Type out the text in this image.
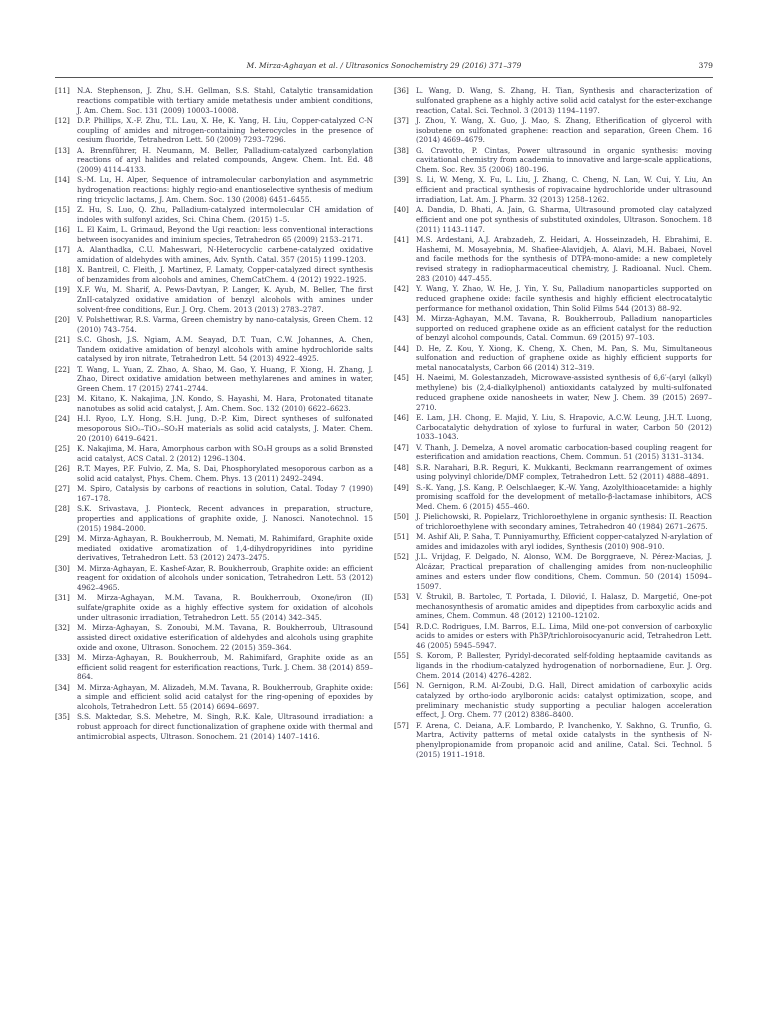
M. Mirza-Aghayan et al. / Ultrasonics Sonochemistry 29 (2016) 371–379	379
[11] N.A. Stephenson, J. Zhu, S.H. Gellman, S.S. Stahl, Catalytic transamidation reactions compatible with tertiary amide metathesis under ambient conditions, J. Am. Chem. Soc. 131 (2009) 10003–10008.
[12] D.P. Phillips, X.-F. Zhu, T.L. Lau, X. He, K. Yang, H. Liu, Copper-catalyzed C-N coupling of amides and nitrogen-containing heterocycles in the presence of cesium fluoride, Tetrahedron Lett. 50 (2009) 7293–7296.
[13] A. Brennführer, H. Neumann, M. Beller, Palladium-catalyzed carbonylation reactions of aryl halides and related compounds, Angew. Chem. Int. Ed. 48 (2009) 4114–4133.
[14] S.-M. Lu, H. Alper, Sequence of intramolecular carbonylation and asymmetric hydrogenation reactions: highly regio-and enantioselective synthesis of medium ring tricyclic lactams, J. Am. Chem. Soc. 130 (2008) 6451–6455.
[15] Z. Hu, S. Luo, Q. Zhu, Palladium-catalyzed intermolecular CH amidation of indoles with sulfonyl azides, Sci. China Chem. (2015) 1–5.
[16] L. El Kaim, L. Grimaud, Beyond the Ugi reaction: less conventional interactions between isocyanides and iminium species, Tetrahedron 65 (2009) 2153–2171.
[17] A. Alanthadka, C.U. Maheswari, N-Heterocyclic carbene-catalyzed oxidative amidation of aldehydes with amines, Adv. Synth. Catal. 357 (2015) 1199–1203.
[18] X. Bantreil, C. Fleith, J. Martinez, F. Lamaty, Copper-catalyzed direct synthesis of benzamides from alcohols and amines, ChemCatChem. 4 (2012) 1922–1925.
[19] X.F. Wu, M. Sharif, A. Pews-Davtyan, P. Langer, K. Ayub, M. Beller, The first ZnII-catalyzed oxidative amidation of benzyl alcohols with amines under solvent-free conditions, Eur. J. Org. Chem. 2013 (2013) 2783–2787.
[20] V. Polshettiwar, R.S. Varma, Green chemistry by nano-catalysis, Green Chem. 12 (2010) 743–754.
[21] S.C. Ghosh, J.S. Ngiam, A.M. Seayad, D.T. Tuan, C.W. Johannes, A. Chen, Tandem oxidative amidation of benzyl alcohols with amine hydrochloride salts catalysed by iron nitrate, Tetrahedron Lett. 54 (2013) 4922–4925.
[22] T. Wang, L. Yuan, Z. Zhao, A. Shao, M. Gao, Y. Huang, F. Xiong, H. Zhang, J. Zhao, Direct oxidative amidation between methylarenes and amines in water, Green Chem. 17 (2015) 2741–2744.
[23] M. Kitano, K. Nakajima, J.N. Kondo, S. Hayashi, M. Hara, Protonated titanate nanotubes as solid acid catalyst, J. Am. Chem. Soc. 132 (2010) 6622–6623.
[24] H.I. Ryoo, L.Y. Hong, S.H. Jung, D.-P. Kim, Direct syntheses of sulfonated mesoporous SiO₂–TiO₂–SO₃H materials as solid acid catalysts, J. Mater. Chem. 20 (2010) 6419–6421.
[25] K. Nakajima, M. Hara, Amorphous carbon with SO₃H groups as a solid Brønsted acid catalyst, ACS Catal. 2 (2012) 1296–1304.
[26] R.T. Mayes, P.F. Fulvio, Z. Ma, S. Dai, Phosphorylated mesoporous carbon as a solid acid catalyst, Phys. Chem. Chem. Phys. 13 (2011) 2492–2494.
[27] M. Spiro, Catalysis by carbons of reactions in solution, Catal. Today 7 (1990) 167–178.
[28] S.K. Srivastava, J. Pionteck, Recent advances in preparation, structure, properties and applications of graphite oxide, J. Nanosci. Nanotechnol. 15 (2015) 1984–2000.
[29] M. Mirza-Aghayan, R. Boukherroub, M. Nemati, M. Rahimifard, Graphite oxide mediated oxidative aromatization of 1,4-dihydropyridines into pyridine derivatives, Tetrahedron Lett. 53 (2012) 2473–2475.
[30] M. Mirza-Aghayan, E. Kashef-Azar, R. Boukherroub, Graphite oxide: an efficient reagent for oxidation of alcohols under sonication, Tetrahedron Lett. 53 (2012) 4962–4965.
[31] M. Mirza-Aghayan, M.M. Tavana, R. Boukherroub, Oxone/iron (II) sulfate/graphite oxide as a highly effective system for oxidation of alcohols under ultrasonic irradiation, Tetrahedron Lett. 55 (2014) 342–345.
[32] M. Mirza-Aghayan, S. Zonoubi, M.M. Tavana, R. Boukherroub, Ultrasound assisted direct oxidative esterification of aldehydes and alcohols using graphite oxide and oxone, Ultrason. Sonochem. 22 (2015) 359–364.
[33] M. Mirza-Aghayan, R. Boukherroub, M. Rahimifard, Graphite oxide as an efficient solid reagent for esterification reactions, Turk. J. Chem. 38 (2014) 859–864.
[34] M. Mirza-Aghayan, M. Alizadeh, M.M. Tavana, R. Boukherroub, Graphite oxide: a simple and efficient solid acid catalyst for the ring-opening of epoxides by alcohols, Tetrahedron Lett. 55 (2014) 6694–6697.
[35] S.S. Maktedar, S.S. Mehetre, M. Singh, R.K. Kale, Ultrasound irradiation: a robust approach for direct functionalization of graphene oxide with thermal and antimicrobial aspects, Ultrason. Sonochem. 21 (2014) 1407–1416.
[36] L. Wang, D. Wang, S. Zhang, H. Tian, Synthesis and characterization of sulfonated graphene as a highly active solid acid catalyst for the ester-exchange reaction, Catal. Sci. Technol. 3 (2013) 1194–1197.
[37] J. Zhou, Y. Wang, X. Guo, J. Mao, S. Zhang, Etherification of glycerol with isobutene on sulfonated graphene: reaction and separation, Green Chem. 16 (2014) 4669–4679.
[38] G. Cravotto, P. Cintas, Power ultrasound in organic synthesis: moving cavitational chemistry from academia to innovative and large-scale applications, Chem. Soc. Rev. 35 (2006) 180–196.
[39] S. Li, W. Meng, X. Fu, L. Liu, J. Zhang, C. Cheng, N. Lan, W. Cui, Y. Liu, An efficient and practical synthesis of ropivacaine hydrochloride under ultrasound irradiation, Lat. Am. J. Pharm. 32 (2013) 1258–1262.
[40] A. Dandia, D. Bhati, A. Jain, G. Sharma, Ultrasound promoted clay catalyzed efficient and one pot synthesis of substituted oxindoles, Ultrason. Sonochem. 18 (2011) 1143–1147.
[41] M.S. Ardestani, A.J. Arabzadeh, Z. Heidari, A. Hosseinzadeh, H. Ebrahimi, E. Hashemi, M. Mosayebnia, M. Shafiee-Alavidjeh, A. Alavi, M.H. Babaei, Novel and facile methods for the synthesis of DTPA-mono-amide: a new completely revised strategy in radiopharmaceutical chemistry, J. Radioanal. Nucl. Chem. 283 (2010) 447–455.
[42] Y. Wang, Y. Zhao, W. He, J. Yin, Y. Su, Palladium nanoparticles supported on reduced graphene oxide: facile synthesis and highly efficient electrocatalytic performance for methanol oxidation, Thin Solid Films 544 (2013) 88–92.
[43] M. Mirza-Aghayan, M.M. Tavana, R. Boukherroub, Palladium nanoparticles supported on reduced graphene oxide as an efficient catalyst for the reduction of benzyl alcohol compounds, Catal. Commun. 69 (2015) 97–103.
[44] D. He, Z. Kou, Y. Xiong, K. Cheng, X. Chen, M. Pan, S. Mu, Simultaneous sulfonation and reduction of graphene oxide as highly efficient supports for metal nanocatalysts, Carbon 66 (2014) 312–319.
[45] H. Naeimi, M. Golestanzadeh, Microwave-assisted synthesis of 6,6′-(aryl (alkyl) methylene) bis (2,4-dialkylphenol) antioxidants catalyzed by multi-sulfonated reduced graphene oxide nanosheets in water, New J. Chem. 39 (2015) 2697–2710.
[46] E. Lam, J.H. Chong, E. Majid, Y. Liu, S. Hrapovic, A.C.W. Leung, J.H.T. Luong, Carbocatalytic dehydration of xylose to furfural in water, Carbon 50 (2012) 1033–1043.
[47] V. Thanh, J. Demelza, A novel aromatic carbocation-based coupling reagent for esterification and amidation reactions, Chem. Commun. 51 (2015) 3131–3134.
[48] S.R. Narahari, B.R. Reguri, K. Mukkanti, Beckmann rearrangement of oximes using polyvinyl chloride/DMF complex, Tetrahedron Lett. 52 (2011) 4888–4891.
[49] S.-K. Yang, J.S. Kang, P. Oelschlaeger, K.-W. Yang, Azolylthioacetamide: a highly promising scaffold for the development of metallo-β-lactamase inhibitors, ACS Med. Chem. 6 (2015) 455–460.
[50] J. Pielichowski, R. Popielarz, Trichloroethylene in organic synthesis: II. Reaction of trichloroethylene with secondary amines, Tetrahedron 40 (1984) 2671–2675.
[51] M. Ashif Ali, P. Saha, T. Punniyamurthy, Efficient copper-catalyzed N-arylation of amides and imidazoles with aryl iodides, Synthesis (2010) 908–910.
[52] J.L. Vrijdag, F. Delgado, N. Alonso, W.M. De Borggraeve, N. Pérez-Macias, J. Alcázar, Practical preparation of challenging amides from non-nucleophilic amines and esters under flow conditions, Chem. Commun. 50 (2014) 15094–15097.
[53] V. Štrukil, B. Bartolec, T. Portada, I. Dilović, I. Halasz, D. Margetić, One-pot mechanosynthesis of aromatic amides and dipeptides from carboxylic acids and amines, Chem. Commun. 48 (2012) 12100–12102.
[54] R.D.C. Rodrigues, I.M. Barros, E.L. Lima, Mild one-pot conversion of carboxylic acids to amides or esters with Ph3P/trichloroisocyanuric acid, Tetrahedron Lett. 46 (2005) 5945–5947.
[55] S. Korom, P. Ballester, Pyridyl-decorated self-folding heptaamide cavitands as ligands in the rhodium-catalyzed hydrogenation of norbornadiene, Eur. J. Org. Chem. 2014 (2014) 4276–4282.
[56] N. Gernigon, R.M. Al-Zoubi, D.G. Hall, Direct amidation of carboxylic acids catalyzed by ortho-iodo arylboronic acids: catalyst optimization, scope, and preliminary mechanistic study supporting a peculiar halogen acceleration effect, J. Org. Chem. 77 (2012) 8386–8400.
[57] F. Arena, C. Deiana, A.F. Lombardo, P. Ivanchenko, Y. Sakhno, G. Trunfio, G. Martra, Activity patterns of metal oxide catalysts in the synthesis of N-phenylpropionamide from propanoic acid and aniline, Catal. Sci. Technol. 5 (2015) 1911–1918.
